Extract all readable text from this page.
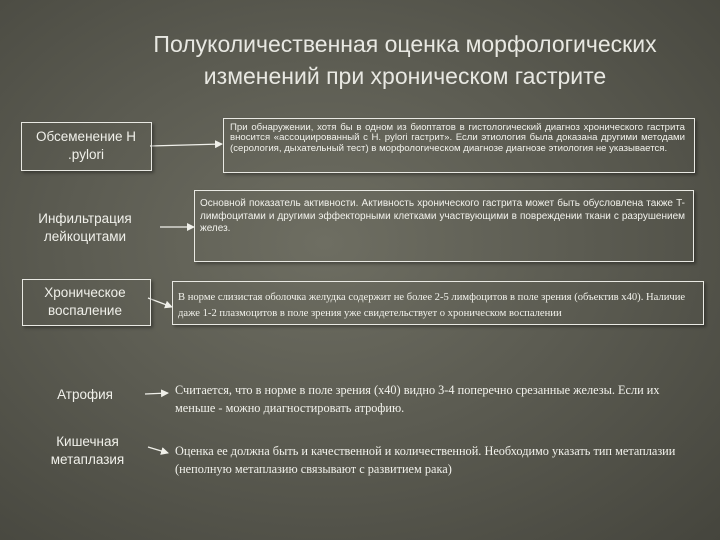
Полуколичественная оценка морфологических изменений при хроническом гастрите
Обсеменение H .pylori
При обнаружении, хотя бы в одном из биоптатов в гистологический диагноз хронического гастрита вносится «ассоциированный с H. pylori гастрит». Если этиология была доказана другими методами (серология, дыхательный тест) в морфологическом диагнозе диагнозе этиология не указывается.
Инфильтрация лейкоцитами
Основной показатель активности. Активность хронического гастрита может быть обусловлена также T-лимфоцитами и другими эффекторными клетками участвующими в повреждении ткани с разрушением желез.
Хроническое воспаление
В норме слизистая оболочка желудка содержит не более 2-5 лимфоцитов в поле зрения (объектив x40). Наличие даже 1-2 плазмоцитов в поле зрения уже свидетельствует о хроническом воспалении
Атрофия	Считается, что в норме в поле зрения (x40) видно 3-4 поперечно срезанные железы. Если их меньше - можно диагностировать атрофию.
Кишечная метаплазия
Оценка ее должна быть и качественной и количественной. Необходимо указать тип метаплазии (неполную метаплазию связывают с развитием рака)
